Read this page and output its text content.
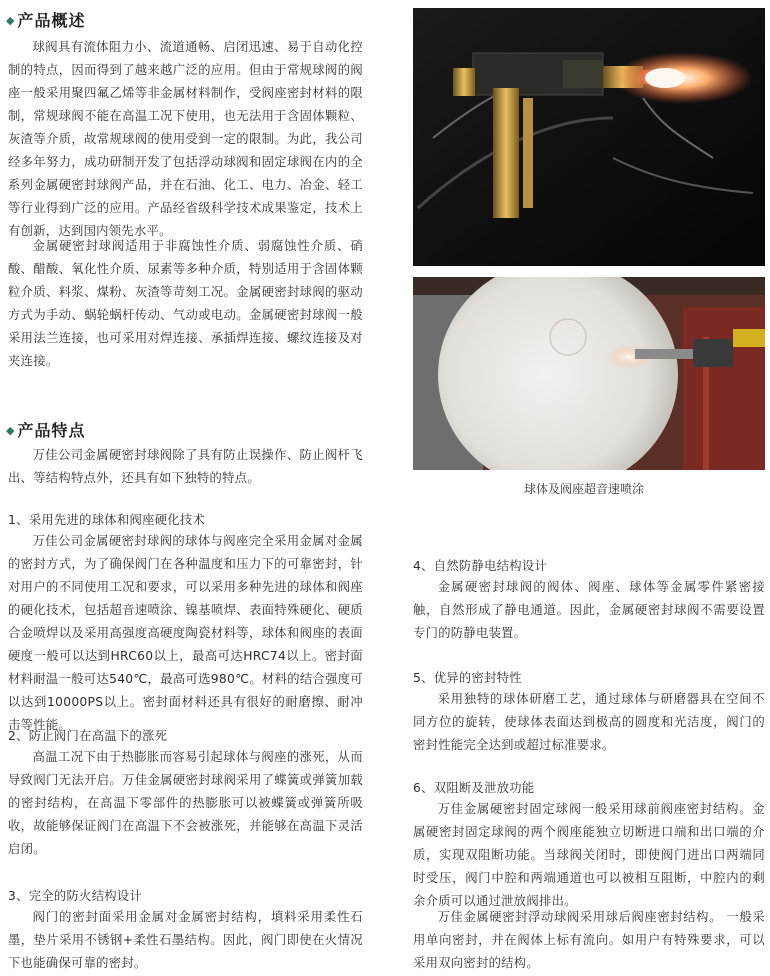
◆ 产品概述

球阀具有流体阻力小、流道通畅、启闭迅速、易于自动化控制的特点，因而得到了越来越广泛的应用。但由于常规球阀的阀座一般采用聚四氟乙烯等非金属材料制作，受阀座密封材料的限制，常规球阀不能在高温工况下使用，也无法用于含固体颗粒、灰渣等介质，故常规球阀的使用受到一定的限制。为此，我公司经多年努力，成功研制开发了包括浮动球阀和固定球阀在内的全系列金属硬密封球阀产品，并在石油、化工、电力、冶金、轻工等行业得到广泛的应用。产品经省级科学技术成果鉴定，技术上有创新，达到国内领先水平。

金属硬密封球阀适用于非腐蚀性介质、弱腐蚀性介质、硝酸、醋酸、氧化性介质、尿素等多种介质，特别适用于含固体颗粒介质、料浆、煤粉、灰渣等苛刻工况。金属硬密封球阀的驱动方式为手动、蜗轮蜗杆传动、气动或电动。金属硬密封球阀一般采用法兰连接，也可采用对焊连接、承插焊连接、螺纹连接及对夹连接。

◆ 产品特点

万佳公司金属硬密封球阀除了具有防止误操作、防止阀杆飞出、等结构特点外，还具有如下独特的特点。

1、采用先进的球体和阀座硬化技术

万佳公司金属硬密封球阀的球体与阀座完全采用金属对金属的密封方式，为了确保阀门在各种温度和压力下的可靠密封，针对用户的不同使用工况和要求，可以采用多种先进的球体和阀座的硬化技术，包括超音速喷涂、镍基喷焊、表面特殊硬化、硬质合金喷焊以及采用高强度高硬度陶瓷材料等，球体和阀座的表面硬度一般可以达到HRC60以上，最高可达HRC74以上。密封面材料耐温一般可达540℃，最高可选980℃。材料的结合强度可以达到10000PS以上。密封面材料还具有很好的耐磨擦、耐冲击等性能。

2、防止阀门在高温下的涨死

高温工况下由于热膨胀而容易引起球体与阀座的涨死，从而导致阀门无法开启。万佳金属硬密封球阀采用了蝶簧或弹簧加载的密封结构，在高温下零部件的热膨胀可以被蝶簧或弹簧所吸收，故能够保证阀门在高温下不会被涨死，并能够在高温下灵活启闭。

3、完全的防火结构设计

阀门的密封面采用金属对金属密封结构，填料采用柔性石墨，垫片采用不锈钢+柔性石墨结构。因此，阀门即使在火情况下也能确保可靠的密封。

球体及阀座超音速喷涂
4、自然防静电结构设计

金属硬密封球阀的阀体、阀座、球体等金属零件紧密接触，自然形成了静电通道。因此，金属硬密封球阀不需要设置专门的防静电装置。

5、优异的密封特性

采用独特的球体研磨工艺，通过球体与研磨器具在空间不同方位的旋转，使球体表面达到极高的圆度和光洁度，阀门的密封性能完全达到或超过标准要求。

6、双阻断及泄放功能

万佳金属硬密封固定球阀一般采用球前阀座密封结构。金属硬密封固定球阀的两个阀座能独立切断进口端和出口端的介质，实现双阻断功能。当球阀关闭时，即使阀门进出口两端同时受压，阀门中腔和两端通道也可以被相互阻断，中腔内的剩余介质可以通过泄放阀排出。

万佳金属硬密封浮动球阀采用球后阀座密封结构。 一般采用单向密封，并在阀体上标有流向。如用户有特殊要求，可以采用双向密封的结构。
